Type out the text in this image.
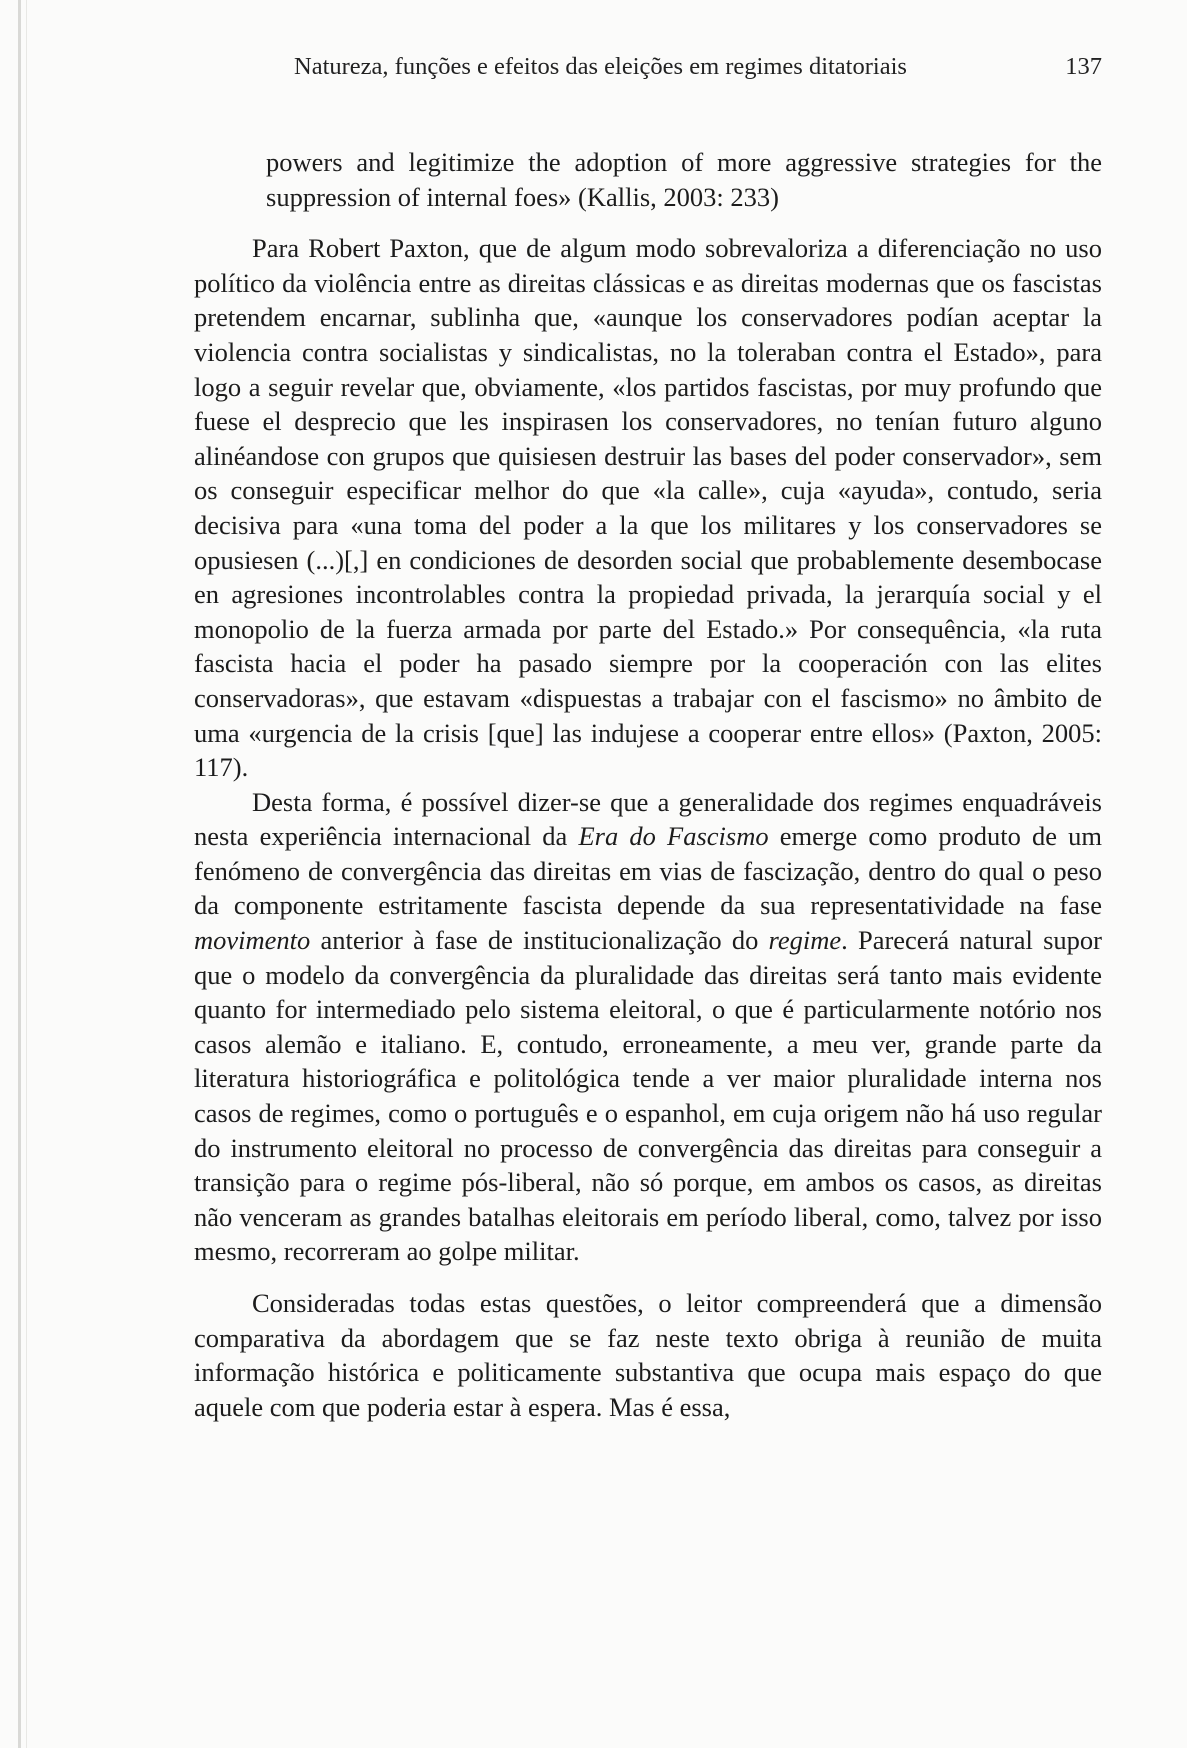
Natureza, funções e efeitos das eleições em regimes ditatoriais	137

powers and legitimize the adoption of more aggressive strategies for the suppression of internal foes» (Kallis, 2003: 233)

Para Robert Paxton, que de algum modo sobrevaloriza a diferenciação no uso político da violência entre as direitas clássicas e as direitas modernas que os fascistas pretendem encarnar, sublinha que, «aunque los conservadores podían aceptar la violencia contra socialistas y sindicalistas, no la toleraban contra el Estado», para logo a seguir revelar que, obviamente, «los partidos fascistas, por muy profundo que fuese el desprecio que les inspirasen los conservadores, no tenían futuro alguno alinéandose con grupos que quisiesen destruir las bases del poder conservador», sem os conseguir especificar melhor do que «la calle», cuja «ayuda», contudo, seria decisiva para «una toma del poder a la que los militares y los conservadores se opusiesen (...)[,] en condiciones de desorden social que probablemente desembocase en agresiones incontrolables contra la propiedad privada, la jerarquía social y el monopolio de la fuerza armada por parte del Estado.» Por consequência, «la ruta fascista hacia el poder ha pasado siempre por la cooperación con las elites conservadoras», que estavam «dispuestas a trabajar con el fascismo» no âmbito de uma «urgencia de la crisis [que] las indujese a cooperar entre ellos» (Paxton, 2005: 117).

Desta forma, é possível dizer-se que a generalidade dos regimes enquadráveis nesta experiência internacional da Era do Fascismo emerge como produto de um fenómeno de convergência das direitas em vias de fascização, dentro do qual o peso da componente estritamente fascista depende da sua representatividade na fase movimento anterior à fase de institucionalização do regime. Parecerá natural supor que o modelo da convergência da pluralidade das direitas será tanto mais evidente quanto for intermediado pelo sistema eleitoral, o que é particularmente notório nos casos alemão e italiano. E, contudo, erroneamente, a meu ver, grande parte da literatura historiográfica e politológica tende a ver maior pluralidade interna nos casos de regimes, como o português e o espanhol, em cuja origem não há uso regular do instrumento eleitoral no processo de convergência das direitas para conseguir a transição para o regime pós-liberal, não só porque, em ambos os casos, as direitas não venceram as grandes batalhas eleitorais em período liberal, como, talvez por isso mesmo, recorreram ao golpe militar.

Consideradas todas estas questões, o leitor compreenderá que a dimensão comparativa da abordagem que se faz neste texto obriga à reunião de muita informação histórica e politicamente substantiva que ocupa mais espaço do que aquele com que poderia estar à espera. Mas é essa,
